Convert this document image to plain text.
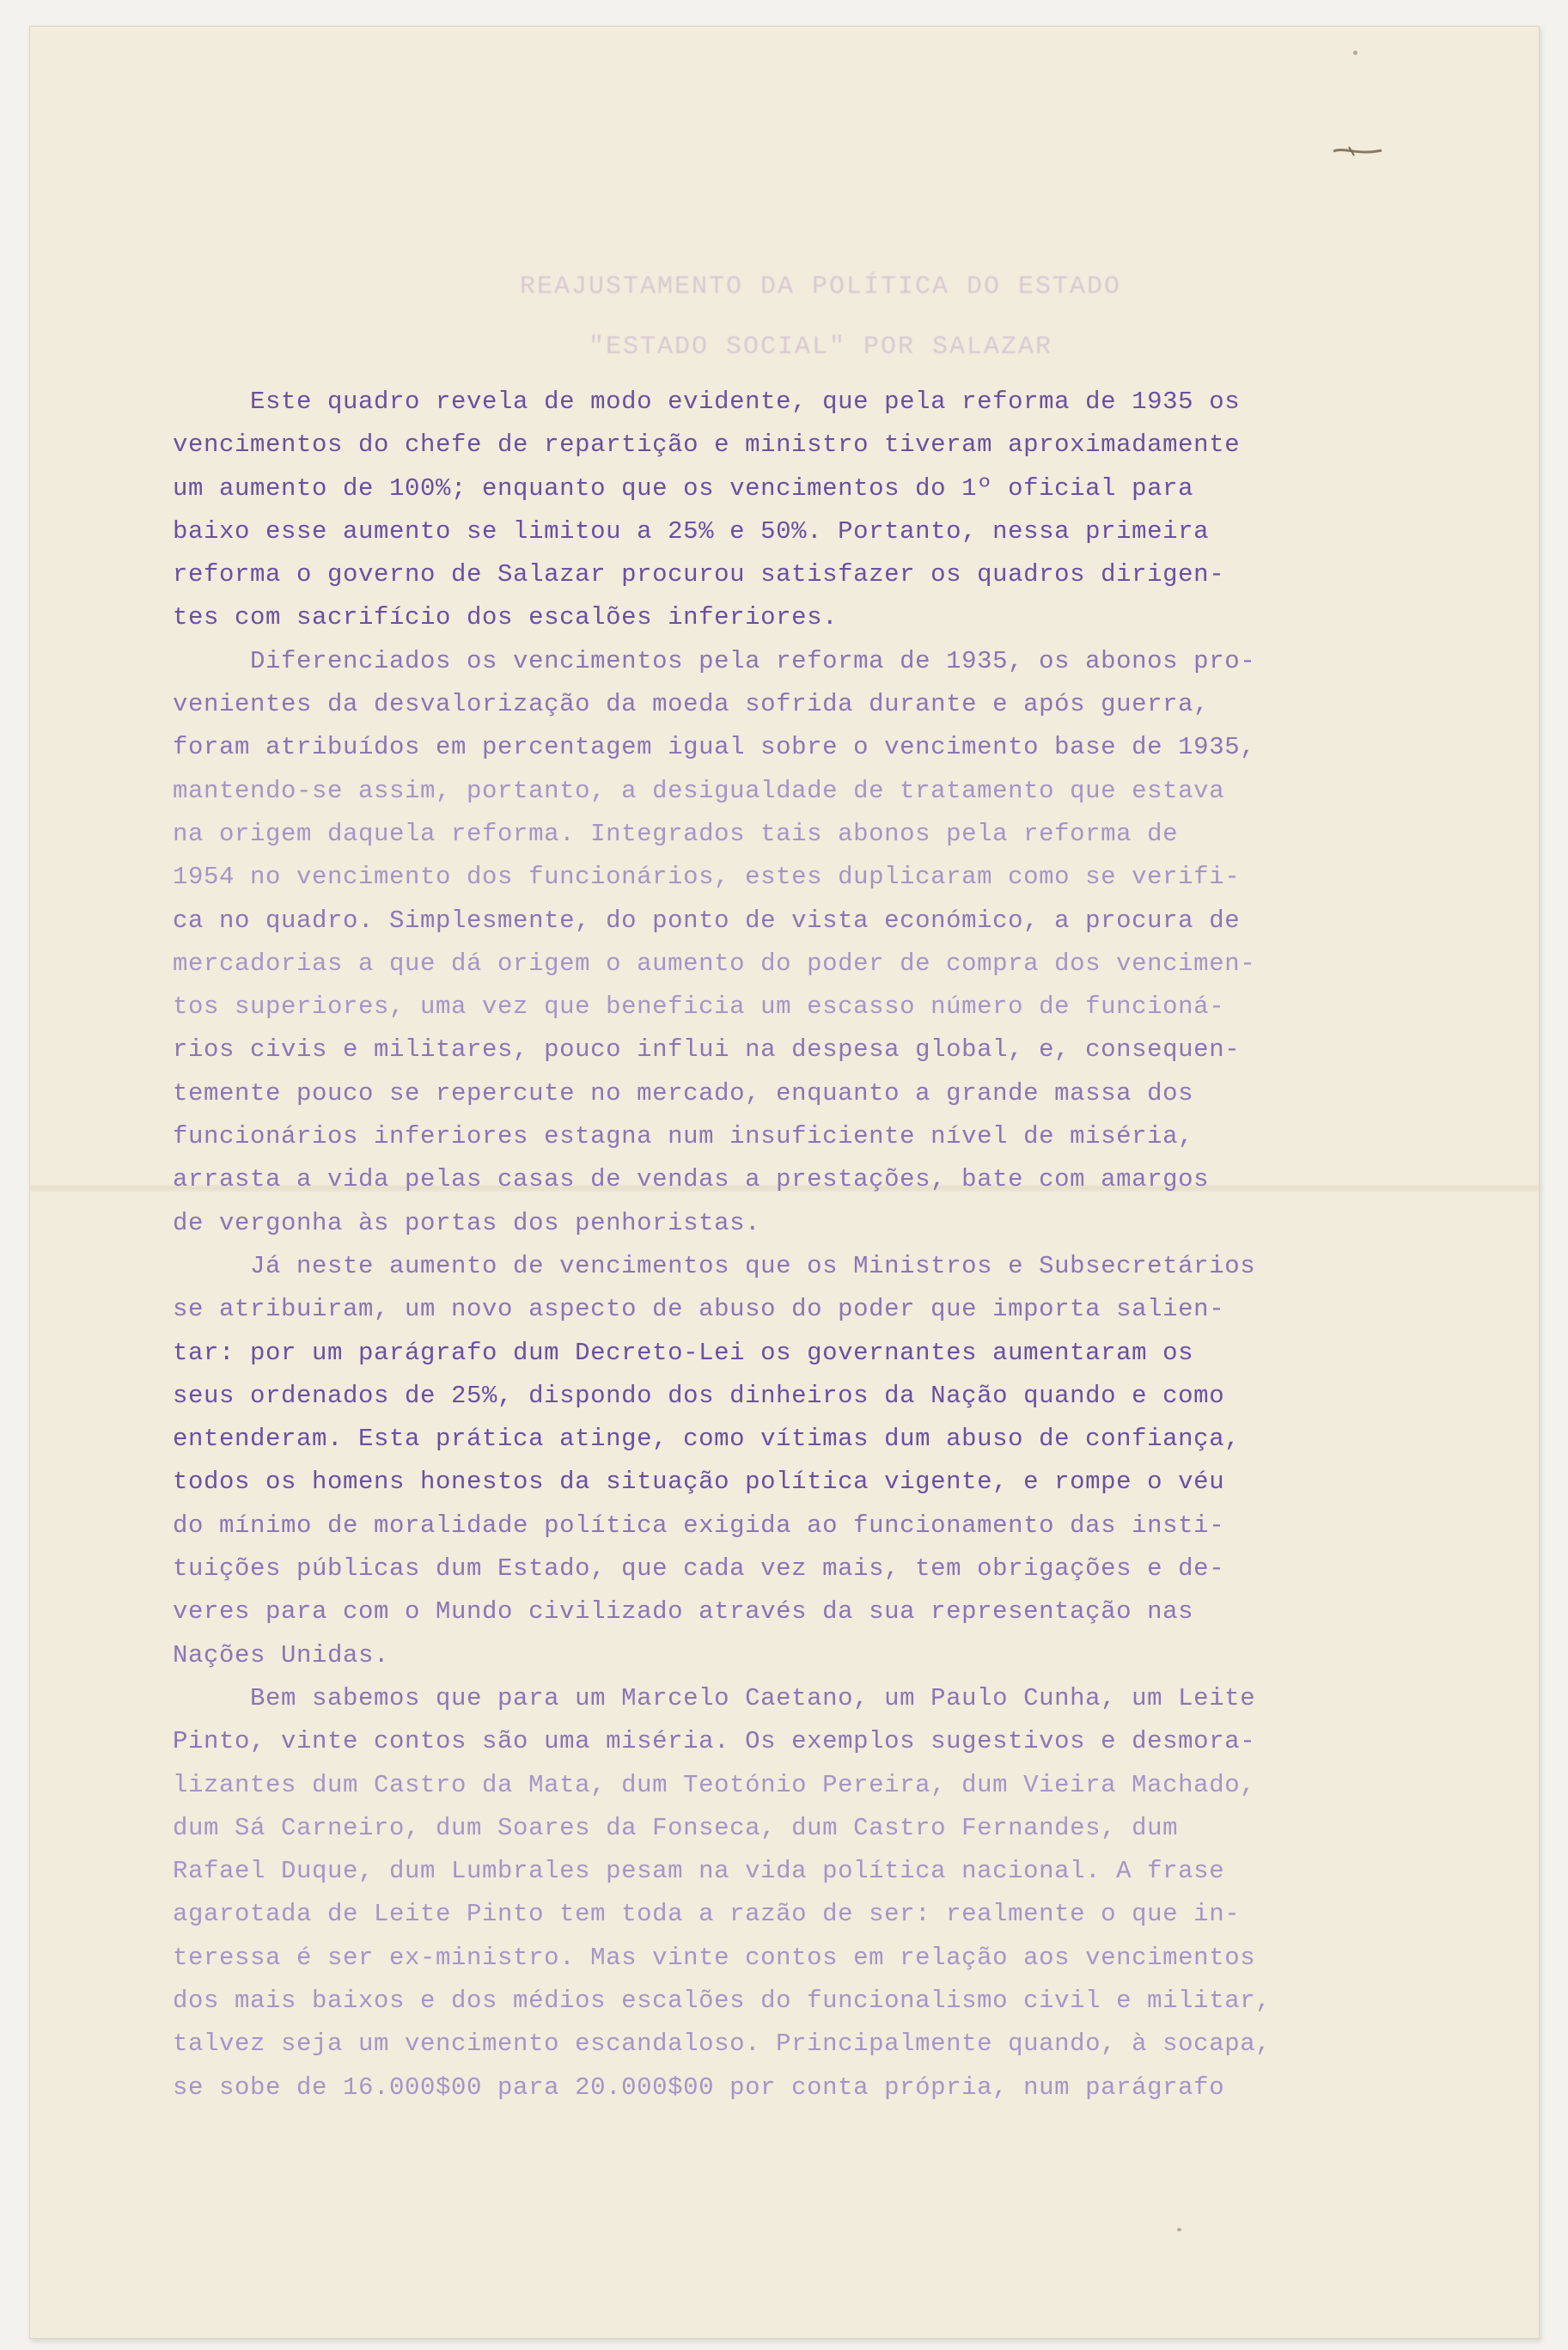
REAJUSTAMENTO DA POLÍTICA DO ESTADO
"ESTADO SOCIAL" POR SALAZAR
Este quadro revela de modo evidente, que pela reforma de 1935 os
vencimentos do chefe de repartição e ministro tiveram aproximadamente
um aumento de 100%; enquanto que os vencimentos do 1º oficial para
baixo esse aumento se limitou a 25% e 50%. Portanto, nessa primeira
reforma o governo de Salazar procurou satisfazer os quadros dirigen-
tes com sacrifício dos escalões inferiores.
Diferenciados os vencimentos pela reforma de 1935, os abonos pro-
venientes da desvalorização da moeda sofrida durante e após guerra,
foram atribuídos em percentagem igual sobre o vencimento base de 1935,
mantendo-se assim, portanto, a desigualdade de tratamento que estava
na origem daquela reforma. Integrados tais abonos pela reforma de
1954 no vencimento dos funcionários, estes duplicaram como se verifi-
ca no quadro. Simplesmente, do ponto de vista económico, a procura de
mercadorias a que dá origem o aumento do poder de compra dos vencimen-
tos superiores, uma vez que beneficia um escasso número de funcioná-
rios civis e militares, pouco influi na despesa global, e, consequen-
temente pouco se repercute no mercado, enquanto a grande massa dos
funcionários inferiores estagna num insuficiente nível de miséria,
arrasta a vida pelas casas de vendas a prestações, bate com amargos
de vergonha às portas dos penhoristas.
Já neste aumento de vencimentos que os Ministros e Subsecretários
se atribuiram, um novo aspecto de abuso do poder que importa salien-
tar: por um parágrafo dum Decreto-Lei os governantes aumentaram os
seus ordenados de 25%, dispondo dos dinheiros da Nação quando e como
entenderam. Esta prática atinge, como vítimas dum abuso de confiança,
todos os homens honestos da situação política vigente, e rompe o véu
do mínimo de moralidade política exigida ao funcionamento das insti-
tuições públicas dum Estado, que cada vez mais, tem obrigações e de-
veres para com o Mundo civilizado através da sua representação nas
Nações Unidas.
Bem sabemos que para um Marcelo Caetano, um Paulo Cunha, um Leite
Pinto, vinte contos são uma miséria. Os exemplos sugestivos e desmora-
lizantes dum Castro da Mata, dum Teotónio Pereira, dum Vieira Machado,
dum Sá Carneiro, dum Soares da Fonseca, dum Castro Fernandes, dum
Rafael Duque, dum Lumbrales pesam na vida política nacional. A frase
agarotada de Leite Pinto tem toda a razão de ser: realmente o que in-
teressa é ser ex-ministro. Mas vinte contos em relação aos vencimentos
dos mais baixos e dos médios escalões do funcionalismo civil e militar,
talvez seja um vencimento escandaloso. Principalmente quando, à socapa,
se sobe de 16.000$00 para 20.000$00 por conta própria, num parágrafo
